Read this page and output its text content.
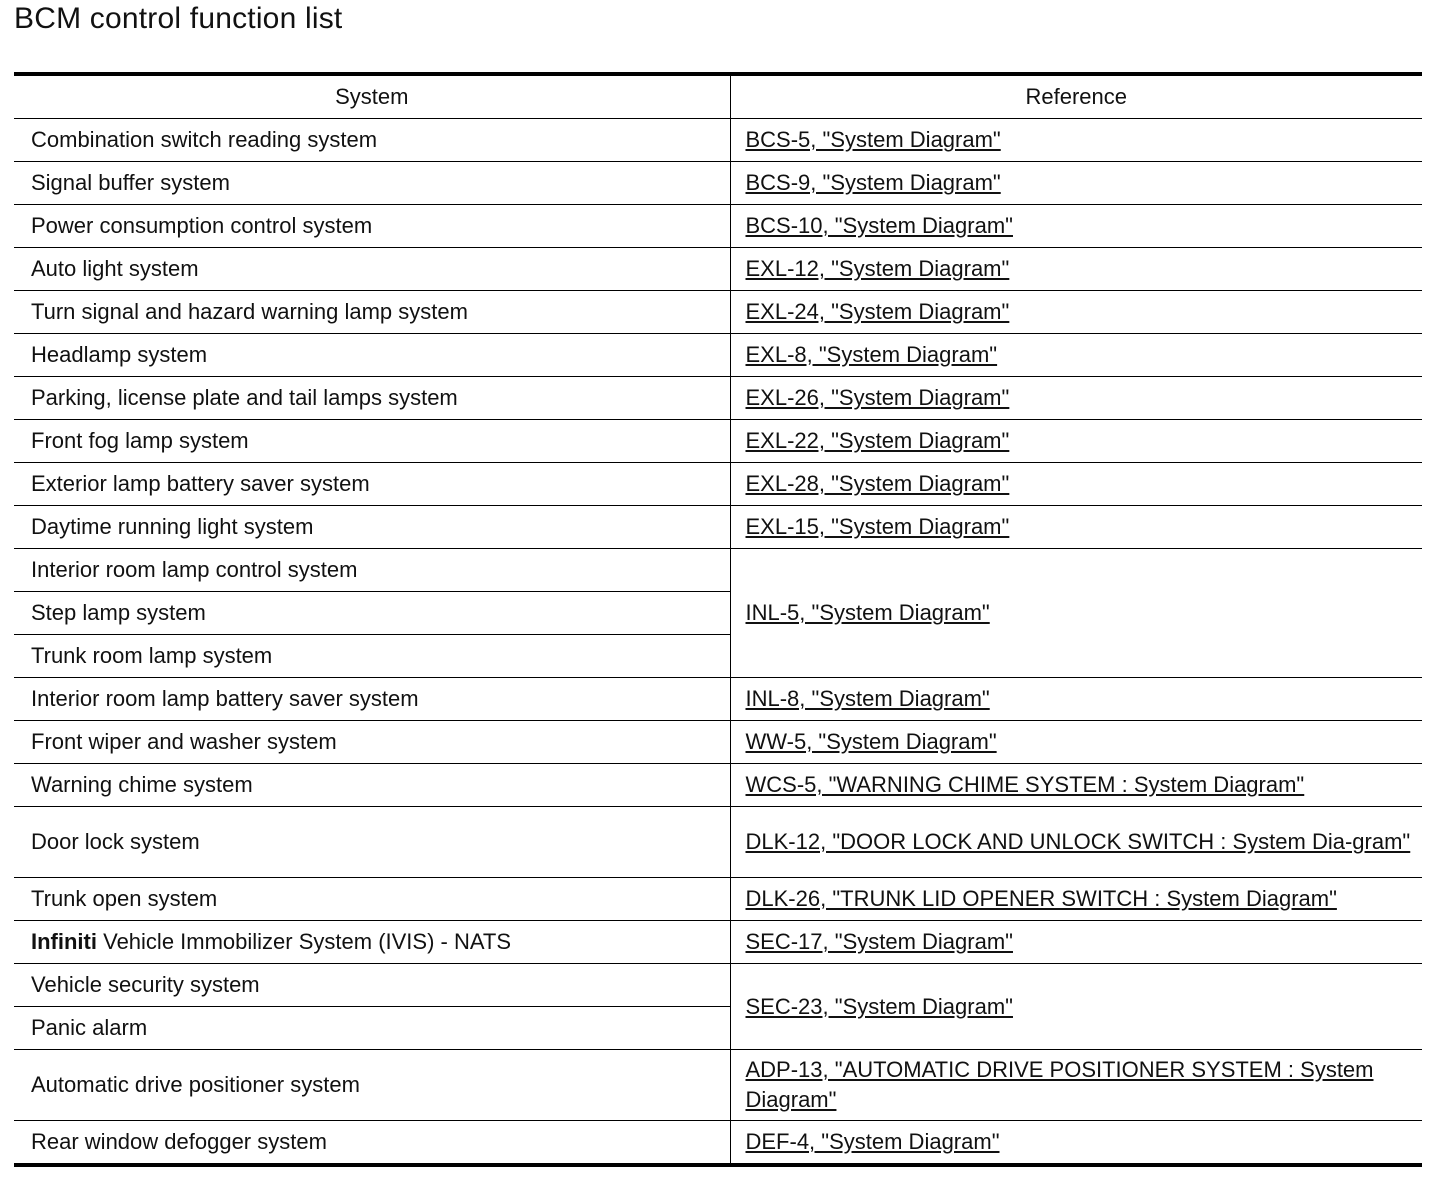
BCM control function list
System	Reference
Combination switch reading system	BCS-5, "System Diagram"
Signal buffer system	BCS-9, "System Diagram"
Power consumption control system	BCS-10, "System Diagram"
Auto light system	EXL-12, "System Diagram"
Turn signal and hazard warning lamp system	EXL-24, "System Diagram"
Headlamp system	EXL-8, "System Diagram"
Parking, license plate and tail lamps system	EXL-26, "System Diagram"
Front fog lamp system	EXL-22, "System Diagram"
Exterior lamp battery saver system	EXL-28, "System Diagram"
Daytime running light system	EXL-15, "System Diagram"
Interior room lamp control system	INL-5, "System Diagram"
Step lamp system	
Trunk room lamp system	
Interior room lamp battery saver system	INL-8, "System Diagram"
Front wiper and washer system	WW-5, "System Diagram"
Warning chime system	WCS-5, "WARNING CHIME SYSTEM : System Diagram"
Door lock system	DLK-12, "DOOR LOCK AND UNLOCK SWITCH : System Dia-gram"
Trunk open system	DLK-26, "TRUNK LID OPENER SWITCH : System Diagram"
Infiniti Vehicle Immobilizer System (IVIS) - NATS	SEC-17, "System Diagram"
Vehicle security system	SEC-23, "System Diagram"
Panic alarm	
Automatic drive positioner system	ADP-13, "AUTOMATIC DRIVE POSITIONER SYSTEM : System Diagram"
Rear window defogger system	DEF-4, "System Diagram"
